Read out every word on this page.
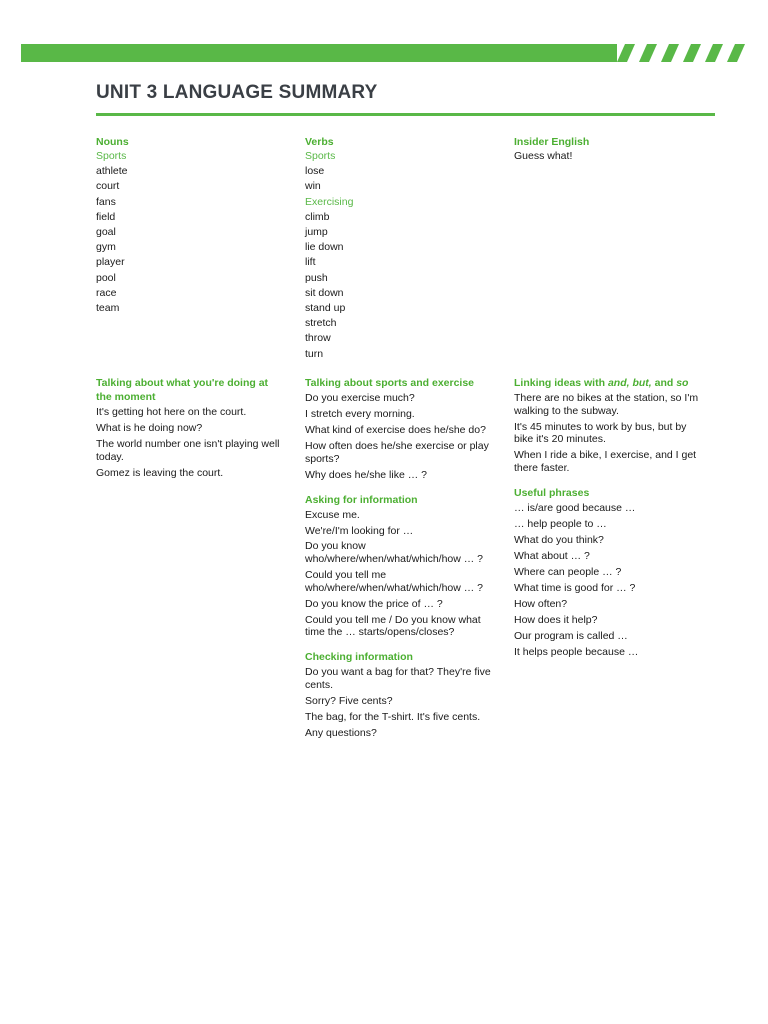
UNIT 3 LANGUAGE SUMMARY
Nouns
Sports
athlete
court
fans
field
goal
gym
player
pool
race
team
Verbs
Sports
lose
win
Exercising
climb
jump
lie down
lift
push
sit down
stand up
stretch
throw
turn
Insider English
Guess what!
Talking about what you're doing at the moment
It's getting hot here on the court.
What is he doing now?
The world number one isn't playing well today.
Gomez is leaving the court.
Talking about sports and exercise
Do you exercise much?
I stretch every morning.
What kind of exercise does he/she do?
How often does he/she exercise or play sports?
Why does he/she like … ?
Asking for information
Excuse me.
We're/I'm looking for …
Do you know who/where/when/what/which/how … ?
Could you tell me who/where/when/what/which/how … ?
Do you know the price of … ?
Could you tell me / Do you know what time the … starts/opens/closes?
Checking information
Do you want a bag for that? They're five cents.
Sorry? Five cents?
The bag, for the T-shirt. It's five cents.
Any questions?
Linking ideas with and, but, and so
There are no bikes at the station, so I'm walking to the subway.
It's 45 minutes to work by bus, but by bike it's 20 minutes.
When I ride a bike, I exercise, and I get there faster.
Useful phrases
… is/are good because …
… help people to …
What do you think?
What about … ?
Where can people … ?
What time is good for … ?
How often?
How does it help?
Our program is called …
It helps people because …
